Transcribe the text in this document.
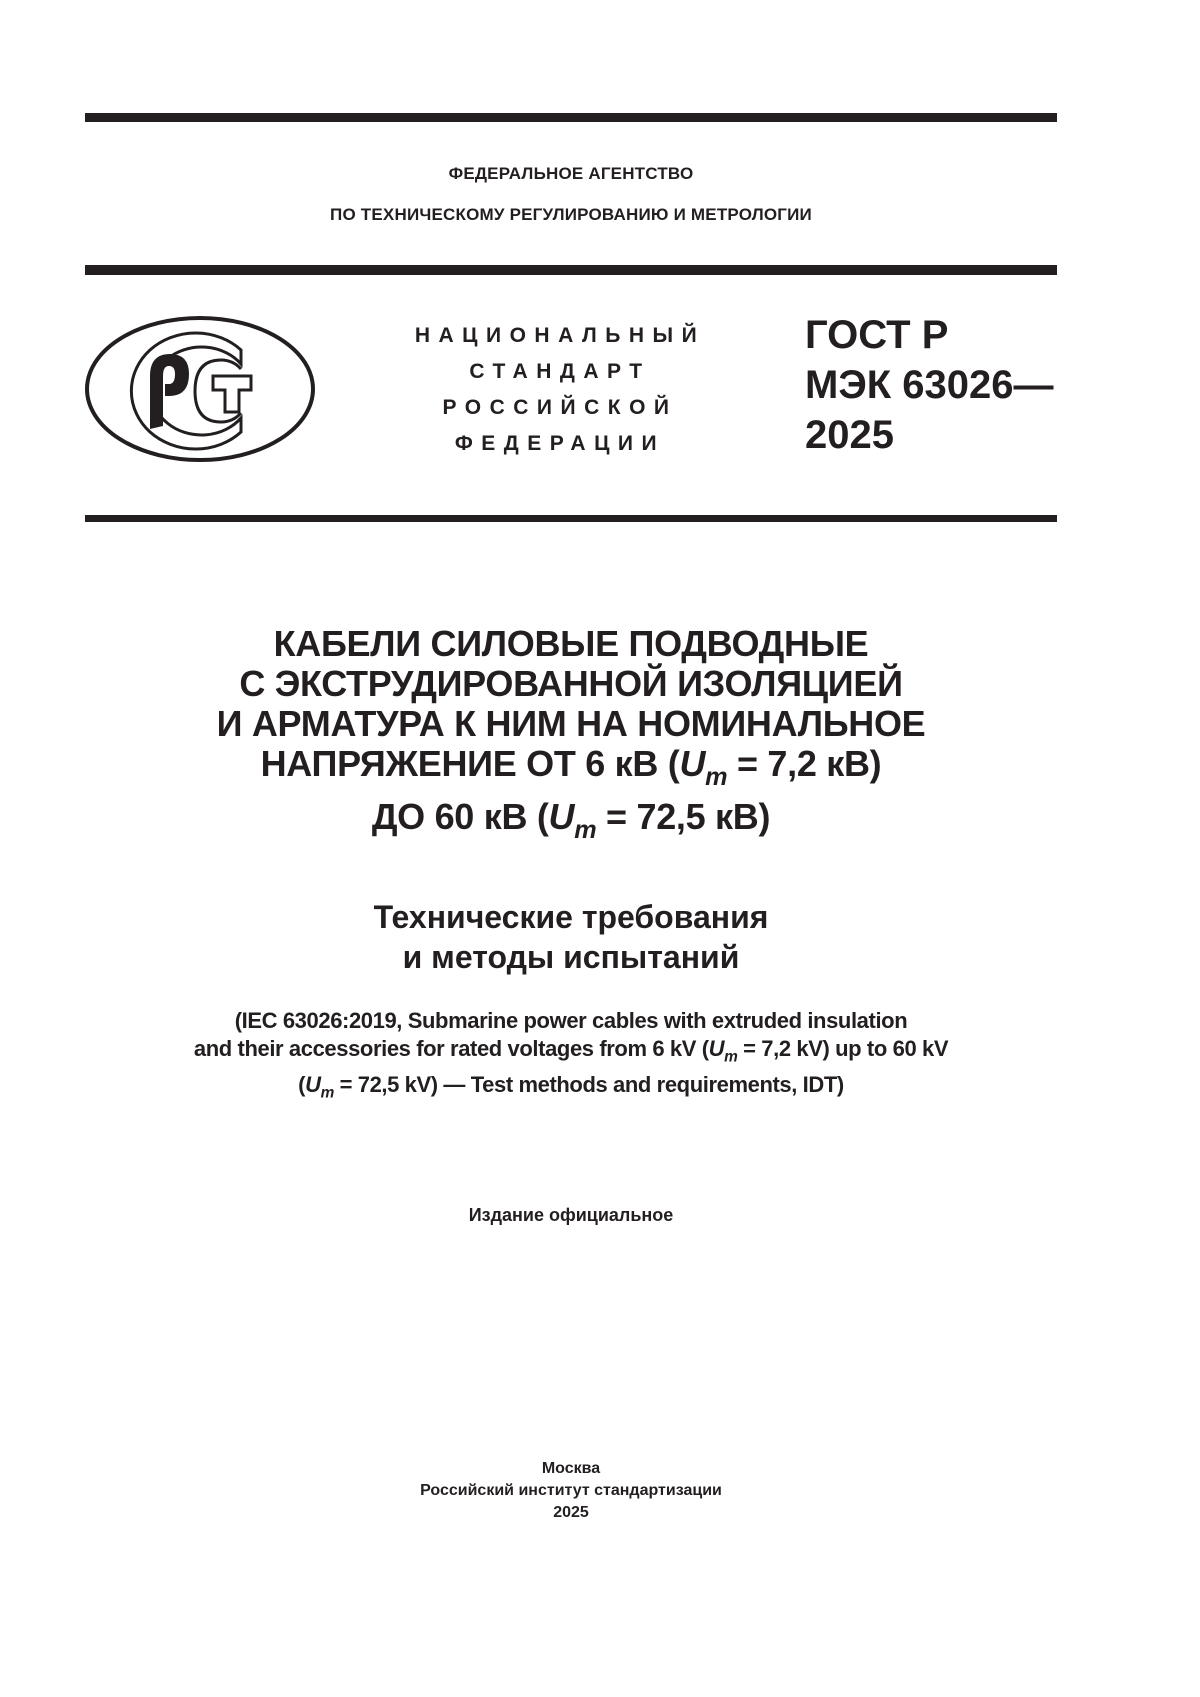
ФЕДЕРАЛЬНОЕ АГЕНТСТВО
ПО ТЕХНИЧЕСКОМУ РЕГУЛИРОВАНИЮ И МЕТРОЛОГИИ
НАЦИОНАЛЬНЫЙ
СТАНДАРТ
РОССИЙСКОЙ
ФЕДЕРАЦИИ
ГОСТ Р
МЭК 63026—
2025
КАБЕЛИ СИЛОВЫЕ ПОДВОДНЫЕ
С ЭКСТРУДИРОВАННОЙ ИЗОЛЯЦИЕЙ
И АРМАТУРА К НИМ НА НОМИНАЛЬНОЕ
НАПРЯЖЕНИЕ ОТ 6 кВ ($U_m = 7,2$ кВ)
ДО 60 кВ ($U_m = 72,5$ кВ)
Технические требования
и методы испытаний
(IEC 63026:2019, Submarine power cables with extruded insulation
and their accessories for rated voltages from 6 kV ($U_m = 7,2$ kV) up to 60 kV
($U_m = 72,5$ kV) — Test methods and requirements, IDT)
Издание официальное
Москва
Российский институт стандартизации
2025
